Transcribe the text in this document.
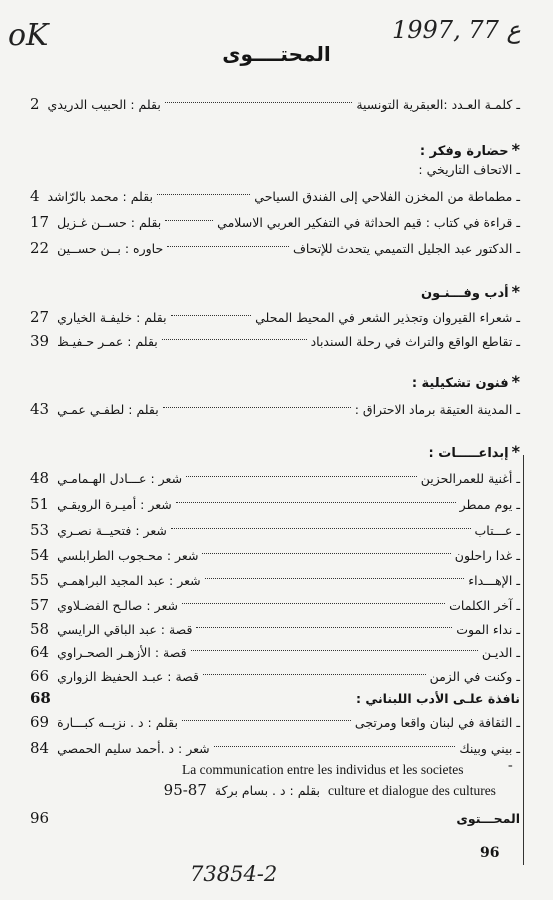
oK	1997, 77 ع
المحتــــوى
ـ
كلمـة العـدد :العبقرية التونسية
بقلم : الحبيب الدريدي
2
*حضارة وفكر :
ـ الاتحاف التاريخي :
ـ
مطماطة من المخزن الفلاحي إلى الفندق السياحي
بقلم : محمد بالرّاشد
4
ـ
قراءة في كتاب : قيم الحداثة في التفكير العربي الاسلامي
بقلم : حســن غـزيل
17
ـ
الدكتور عبد الجليل التميمي يتحدث للإتحاف
حاوره : بــن حســين
22
*أدب وفـــنـون
ـ
شعراء القيروان وتجذير الشعر في المحيط المحلي
بقلم : خليفـة الخياري
27
ـ
تقاطع الواقع والتراث في رحلة السندباد
بقلم : عمـر حـفيـظ
39
*فنون تشكيلية :
ـ
المدينة العتيقة برماد الاحتراق :
بقلم : لطفـي عمـي
43
*إبداعـــــات :
ـ
أغنية للعمرالحزين
شعر : عـــادل الهـمامـي
48
ـ
يوم ممطر
شعر : أميـرة الرويقـي
51
ـ
عـــتاب
شعر : فتحيــة نصـري
53
ـ
غدا راحلون
شعر : محـجوب الطرابلسي
54
ـ
الإهـــداء
شعر : عبد المجيد البراهمـي
55
ـ
آخر الكلمات
شعر : صالـح الفضـلاوي
57
ـ
نداء الموت
قصة : عبد الباقي الرايسي
58
ـ
الديـن
قصة : الأزهـر الصحـراوي
64
ـ
وكنت في الزمن
قصة : عبـد الحفيظ الزواري
66
نافذة علـى الأدب اللبناني :
68
ـ
الثقافة في لبنان واقعا ومرتجى
بقلم : د . نزيــه كبـــارة
69
ـ
بيني وبينك
شعر : د .أحمد سليم الحمصي
84
La communication entre les individus et les societes
culture et dialogue des cultures
-
بقلم : د . بسام بركة
95-87
المحـــتوى
96
96
73854-2
